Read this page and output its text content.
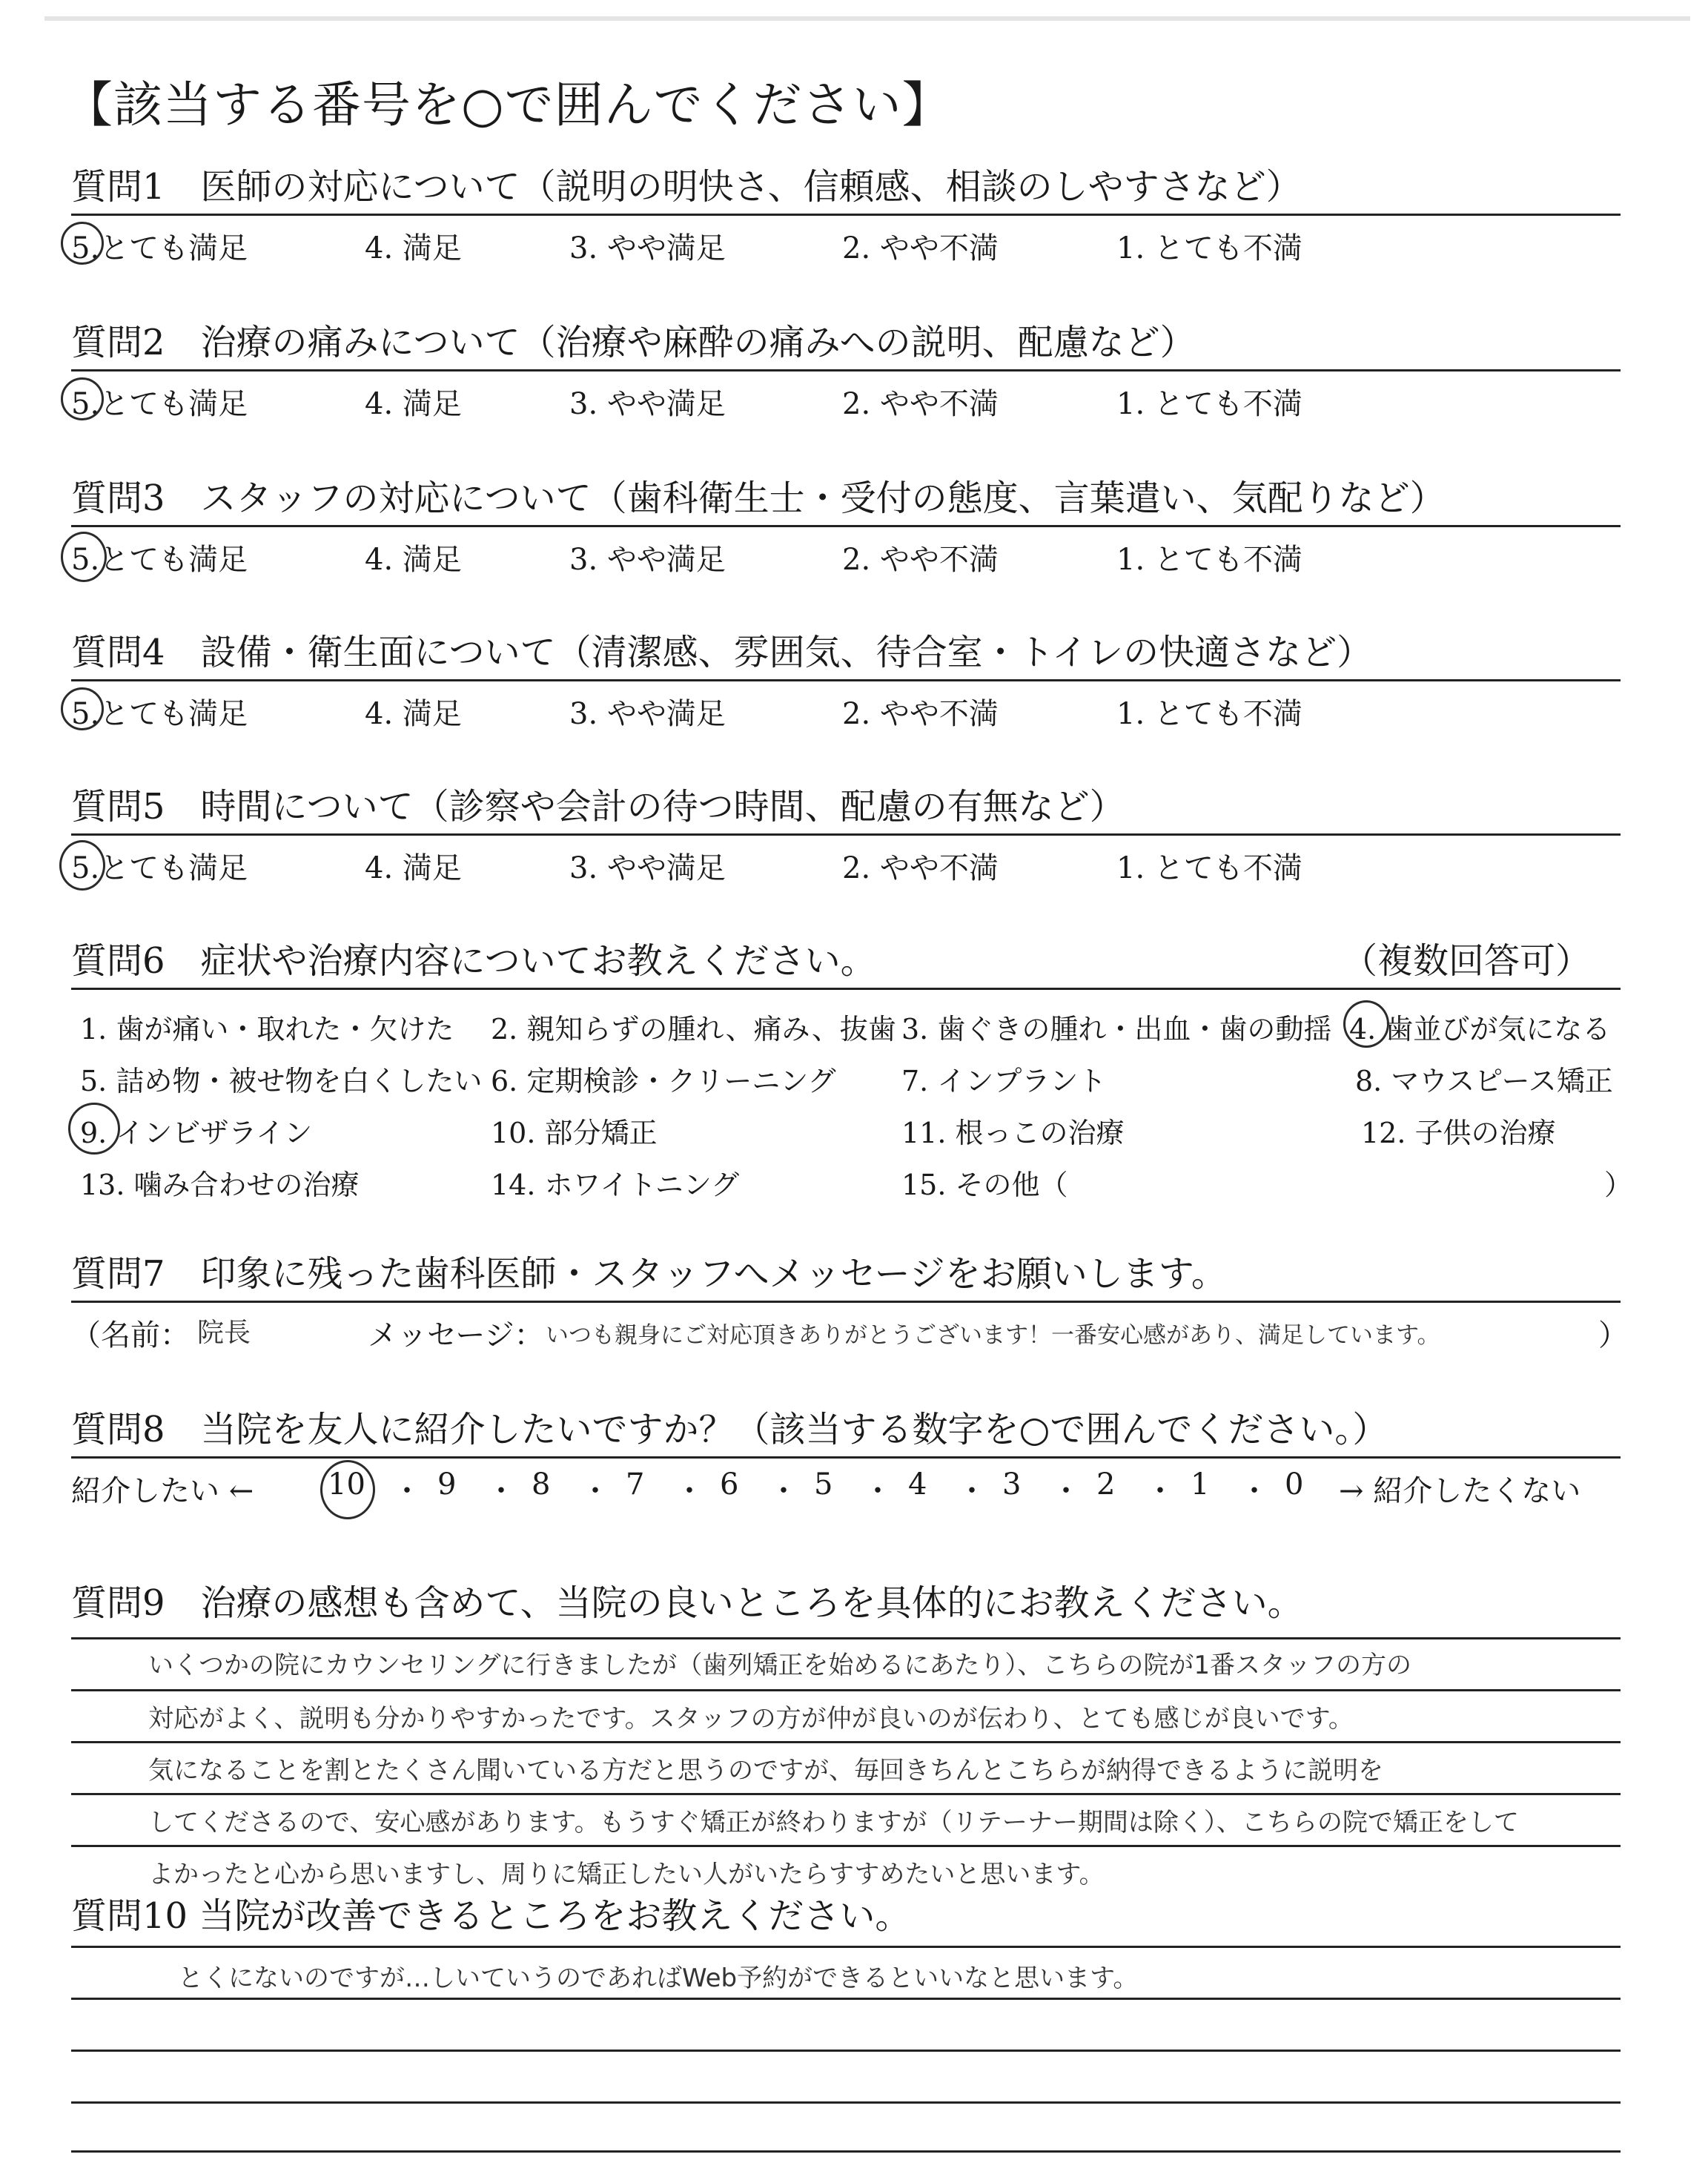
【該当する番号を○で囲んでください】
質問1　医師の対応について（説明の明快さ、信頼感、相談のしやすさなど）
5.とても満足	4. 満足	3. やや満足	2. やや不満	1. とても不満
質問2　治療の痛みについて（治療や麻酔の痛みへの説明、配慮など）
5.とても満足	4. 満足	3. やや満足	2. やや不満	1. とても不満
質問3　スタッフの対応について（歯科衛生士・受付の態度、言葉遣い、気配りなど）
5.とても満足	4. 満足	3. やや満足	2. やや不満	1. とても不満
質問4　設備・衛生面について（清潔感、雰囲気、待合室・トイレの快適さなど）
5.とても満足	4. 満足	3. やや満足	2. やや不満	1. とても不満
質問5　時間について（診察や会計の待つ時間、配慮の有無など）
5.とても満足	4. 満足	3. やや満足	2. やや不満	1. とても不満
質問6　症状や治療内容についてお教えください。	（複数回答可）
1. 歯が痛い・取れた・欠けた 2. 親知らずの腫れ、痛み、抜歯 3. 歯ぐきの腫れ・出血・歯の動揺 4. 歯並びが気になる
5. 詰め物・被せ物を白くしたい 6. 定期検診・クリーニング 7. インプラント	8. マウスピース矯正
9. インビザライン	10. 部分矯正	11. 根っこの治療	12. 子供の治療
13. 噛み合わせの治療	14. ホワイトニング	15. その他（	）
質問7　印象に残った歯科医師・スタッフへメッセージをお願いします。
（名前： 院長	メッセージ： いつも親身にご対応頂きありがとうございます！一番安心感があり、満足しています。	）
質問8　当院を友人に紹介したいですか？（該当する数字を○で囲んでください。）
紹介したい ← 10 ・ 9 ・ 8 ・ 7 ・ 6 ・ 5 ・ 4 ・ 3 ・ 2 ・ 1 ・ 0 → 紹介したくない
質問9　治療の感想も含めて、当院の良いところを具体的にお教えください。
いくつかの院にカウンセリングに行きましたが（歯列矯正を始めるにあたり）、こちらの院が1番スタッフの方の
対応がよく、説明も分かりやすかったです。スタッフの方が仲が良いのが伝わり、とても感じが良いです。
気になることを割とたくさん聞いている方だと思うのですが、毎回きちんとこちらが納得できるように説明を
してくださるので、安心感があります。もうすぐ矯正が終わりますが（リテーナー期間は除く）、こちらの院で矯正をして
よかったと心から思いますし、周りに矯正したい人がいたらすすめたいと思います。
質問10 当院が改善できるところをお教えください。
とくにないのですが…しいていうのであればWeb予約ができるといいなと思います。
